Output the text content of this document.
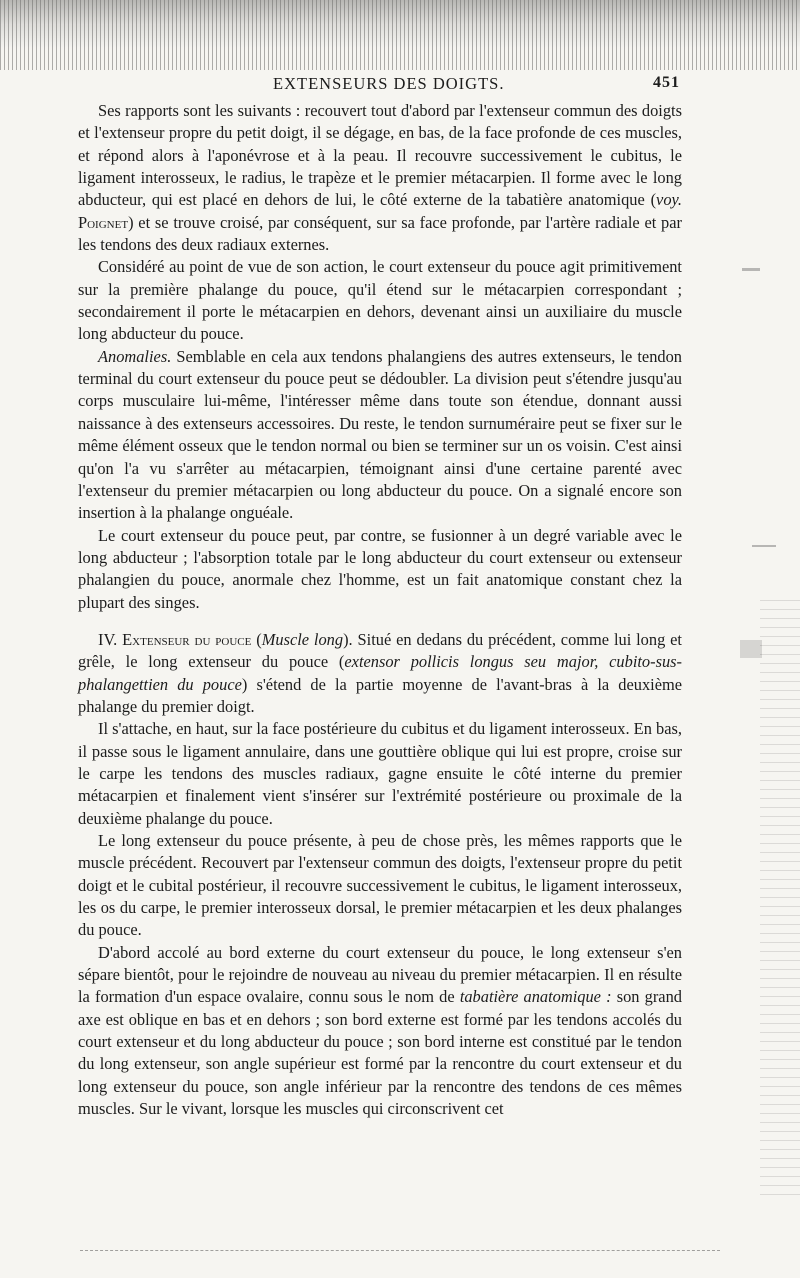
EXTENSEURS DES DOIGTS.	451

Ses rapports sont les suivants : recouvert tout d'abord par l'extenseur commun des doigts et l'extenseur propre du petit doigt, il se dégage, en bas, de la face profonde de ces muscles, et répond alors à l'aponévrose et à la peau. Il recouvre successivement le cubitus, le ligament interosseux, le radius, le trapèze et le premier métacarpien. Il forme avec le long abducteur, qui est placé en dehors de lui, le côté externe de la tabatière anatomique (voy. Poignet) et se trouve croisé, par conséquent, sur sa face profonde, par l'artère radiale et par les tendons des deux radiaux externes.

Considéré au point de vue de son action, le court extenseur du pouce agit primitivement sur la première phalange du pouce, qu'il étend sur le métacarpien correspondant ; secondairement il porte le métacarpien en dehors, devenant ainsi un auxiliaire du muscle long abducteur du pouce.

Anomalies. Semblable en cela aux tendons phalangiens des autres extenseurs, le tendon terminal du court extenseur du pouce peut se dédoubler. La division peut s'étendre jusqu'au corps musculaire lui-même, l'intéresser même dans toute son étendue, donnant aussi naissance à des extenseurs accessoires. Du reste, le tendon surnuméraire peut se fixer sur le même élément osseux que le tendon normal ou bien se terminer sur un os voisin. C'est ainsi qu'on l'a vu s'arrêter au métacarpien, témoignant ainsi d'une certaine parenté avec l'extenseur du premier métacarpien ou long abducteur du pouce. On a signalé encore son insertion à la phalange onguéale.

Le court extenseur du pouce peut, par contre, se fusionner à un degré variable avec le long abducteur ; l'absorption totale par le long abducteur du court extenseur ou extenseur phalangien du pouce, anormale chez l'homme, est un fait anatomique constant chez la plupart des singes.

IV. Extenseur du pouce (Muscle long). Situé en dedans du précédent, comme lui long et grêle, le long extenseur du pouce (extensor pollicis longus seu major, cubito-sus-phalangettien du pouce) s'étend de la partie moyenne de l'avant-bras à la deuxième phalange du premier doigt.

Il s'attache, en haut, sur la face postérieure du cubitus et du ligament interosseux. En bas, il passe sous le ligament annulaire, dans une gouttière oblique qui lui est propre, croise sur le carpe les tendons des muscles radiaux, gagne ensuite le côté interne du premier métacarpien et finalement vient s'insérer sur l'extrémité postérieure ou proximale de la deuxième phalange du pouce.

Le long extenseur du pouce présente, à peu de chose près, les mêmes rapports que le muscle précédent. Recouvert par l'extenseur commun des doigts, l'extenseur propre du petit doigt et le cubital postérieur, il recouvre successivement le cubitus, le ligament interosseux, les os du carpe, le premier interosseux dorsal, le premier métacarpien et les deux phalanges du pouce.

D'abord accolé au bord externe du court extenseur du pouce, le long extenseur s'en sépare bientôt, pour le rejoindre de nouveau au niveau du premier métacarpien. Il en résulte la formation d'un espace ovalaire, connu sous le nom de tabatière anatomique : son grand axe est oblique en bas et en dehors ; son bord externe est formé par les tendons accolés du court extenseur et du long abducteur du pouce ; son bord interne est constitué par le tendon du long extenseur, son angle supérieur est formé par la rencontre du court extenseur et du long extenseur du pouce, son angle inférieur par la rencontre des tendons de ces mêmes muscles. Sur le vivant, lorsque les muscles qui circonscrivent cet
